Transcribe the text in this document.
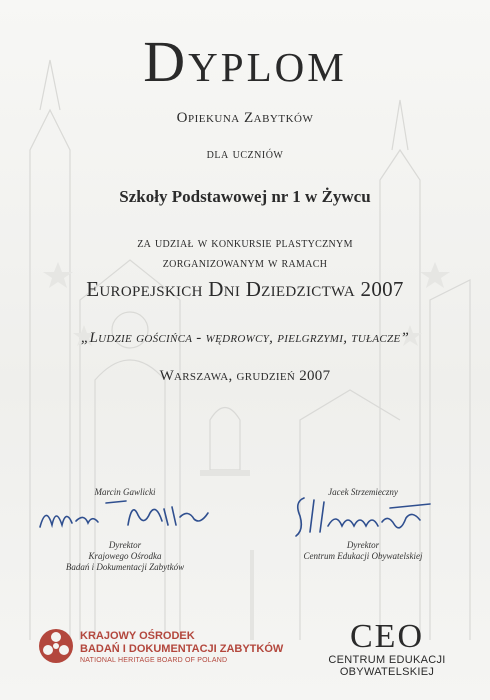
Dyplom
Opiekuna Zabytków
dla uczniów
Szkoły Podstawowej nr 1 w Żywcu
za udział w konkursie plastycznym
zorganizowanym w ramach
Europejskich Dni Dziedzictwa 2007
„Ludzie gościńca - wędrowcy, pielgrzymi, tułacze”
Warszawa, grudzień 2007
Marcin Gawlicki
Dyrektor
Krajowego Ośrodka
Badań i Dokumentacji Zabytków
Jacek Strzemieczny
Dyrektor
Centrum Edukacji Obywatelskiej
KRAJOWY OŚRODEK
BADAŃ I DOKUMENTACJI ZABYTKÓW
NATIONAL HERITAGE BOARD OF POLAND
CEO
CENTRUM EDUKACJI
OBYWATELSKIEJ
